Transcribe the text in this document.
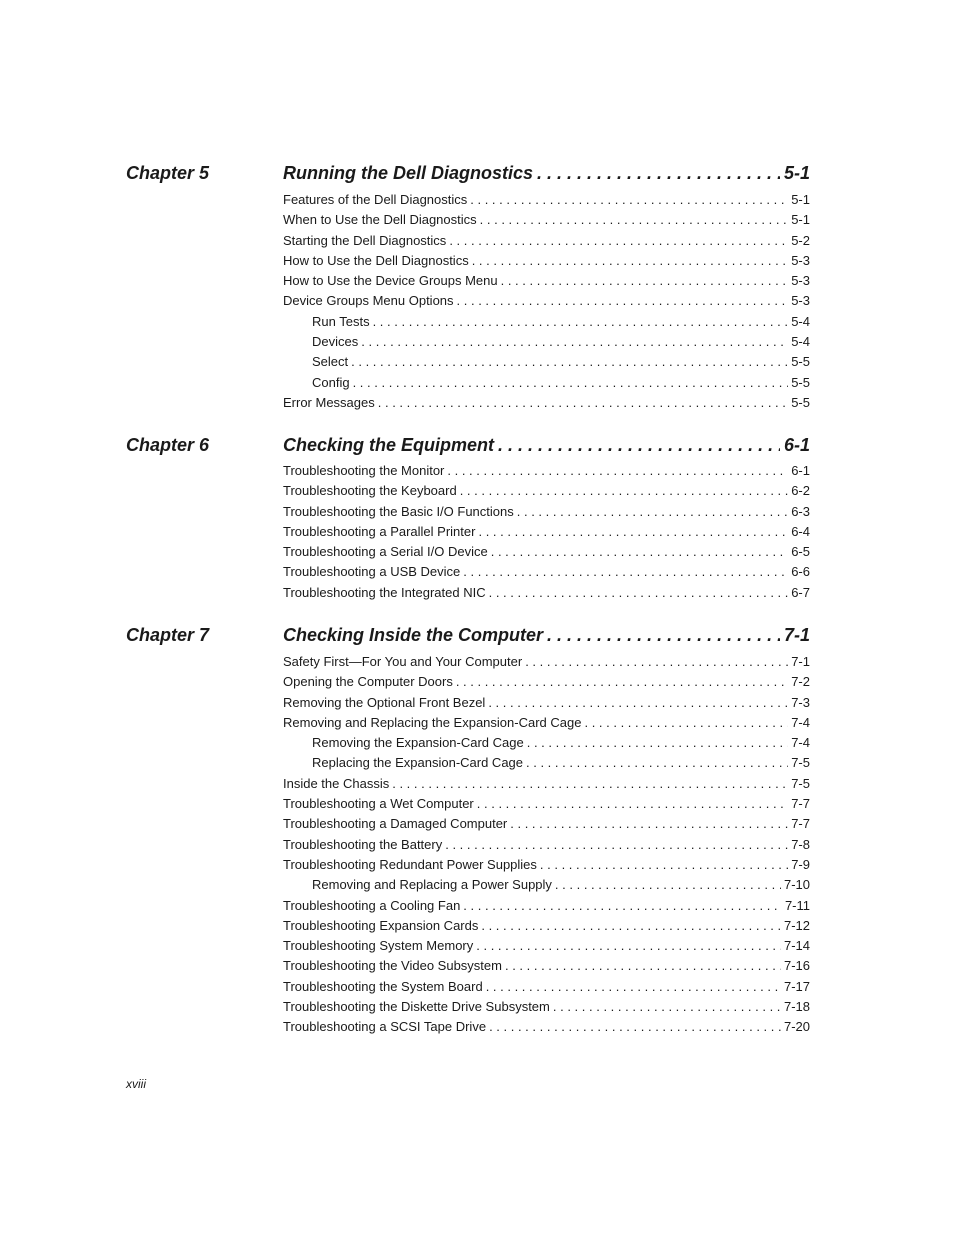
Chapter 5	Running the Dell Diagnostics . . .	5-1
Features of the Dell Diagnostics . . .	5-1
When to Use the Dell Diagnostics . . .	5-1
Starting the Dell Diagnostics . . .	5-2
How to Use the Dell Diagnostics . . .	5-3
How to Use the Device Groups Menu . . .	5-3
Device Groups Menu Options . . .	5-3
Run Tests . . .	5-4
Devices . . .	5-4
Select . . .	5-5
Config . . .	5-5
Error Messages . . .	5-5
Chapter 6	Checking the Equipment . . .	6-1
Troubleshooting the Monitor . . .	6-1
Troubleshooting the Keyboard . . .	6-2
Troubleshooting the Basic I/O Functions . . .	6-3
Troubleshooting a Parallel Printer . . .	6-4
Troubleshooting a Serial I/O Device . . .	6-5
Troubleshooting a USB Device . . .	6-6
Troubleshooting the Integrated NIC . . .	6-7
Chapter 7	Checking Inside the Computer . . .	7-1
Safety First—For You and Your Computer . . .	7-1
Opening the Computer Doors . . .	7-2
Removing the Optional Front Bezel . . .	7-3
Removing and Replacing the Expansion-Card Cage . . .	7-4
Removing the Expansion-Card Cage . . .	7-4
Replacing the Expansion-Card Cage . . .	7-5
Inside the Chassis . . .	7-5
Troubleshooting a Wet Computer . . .	7-7
Troubleshooting a Damaged Computer . . .	7-7
Troubleshooting the Battery . . .	7-8
Troubleshooting Redundant Power Supplies . . .	7-9
Removing and Replacing a Power Supply . . .	7-10
Troubleshooting a Cooling Fan . . .	7-11
Troubleshooting Expansion Cards . . .	7-12
Troubleshooting System Memory . . .	7-14
Troubleshooting the Video Subsystem . . .	7-16
Troubleshooting the System Board . . .	7-17
Troubleshooting the Diskette Drive Subsystem . . .	7-18
Troubleshooting a SCSI Tape Drive . . .	7-20
xviii
